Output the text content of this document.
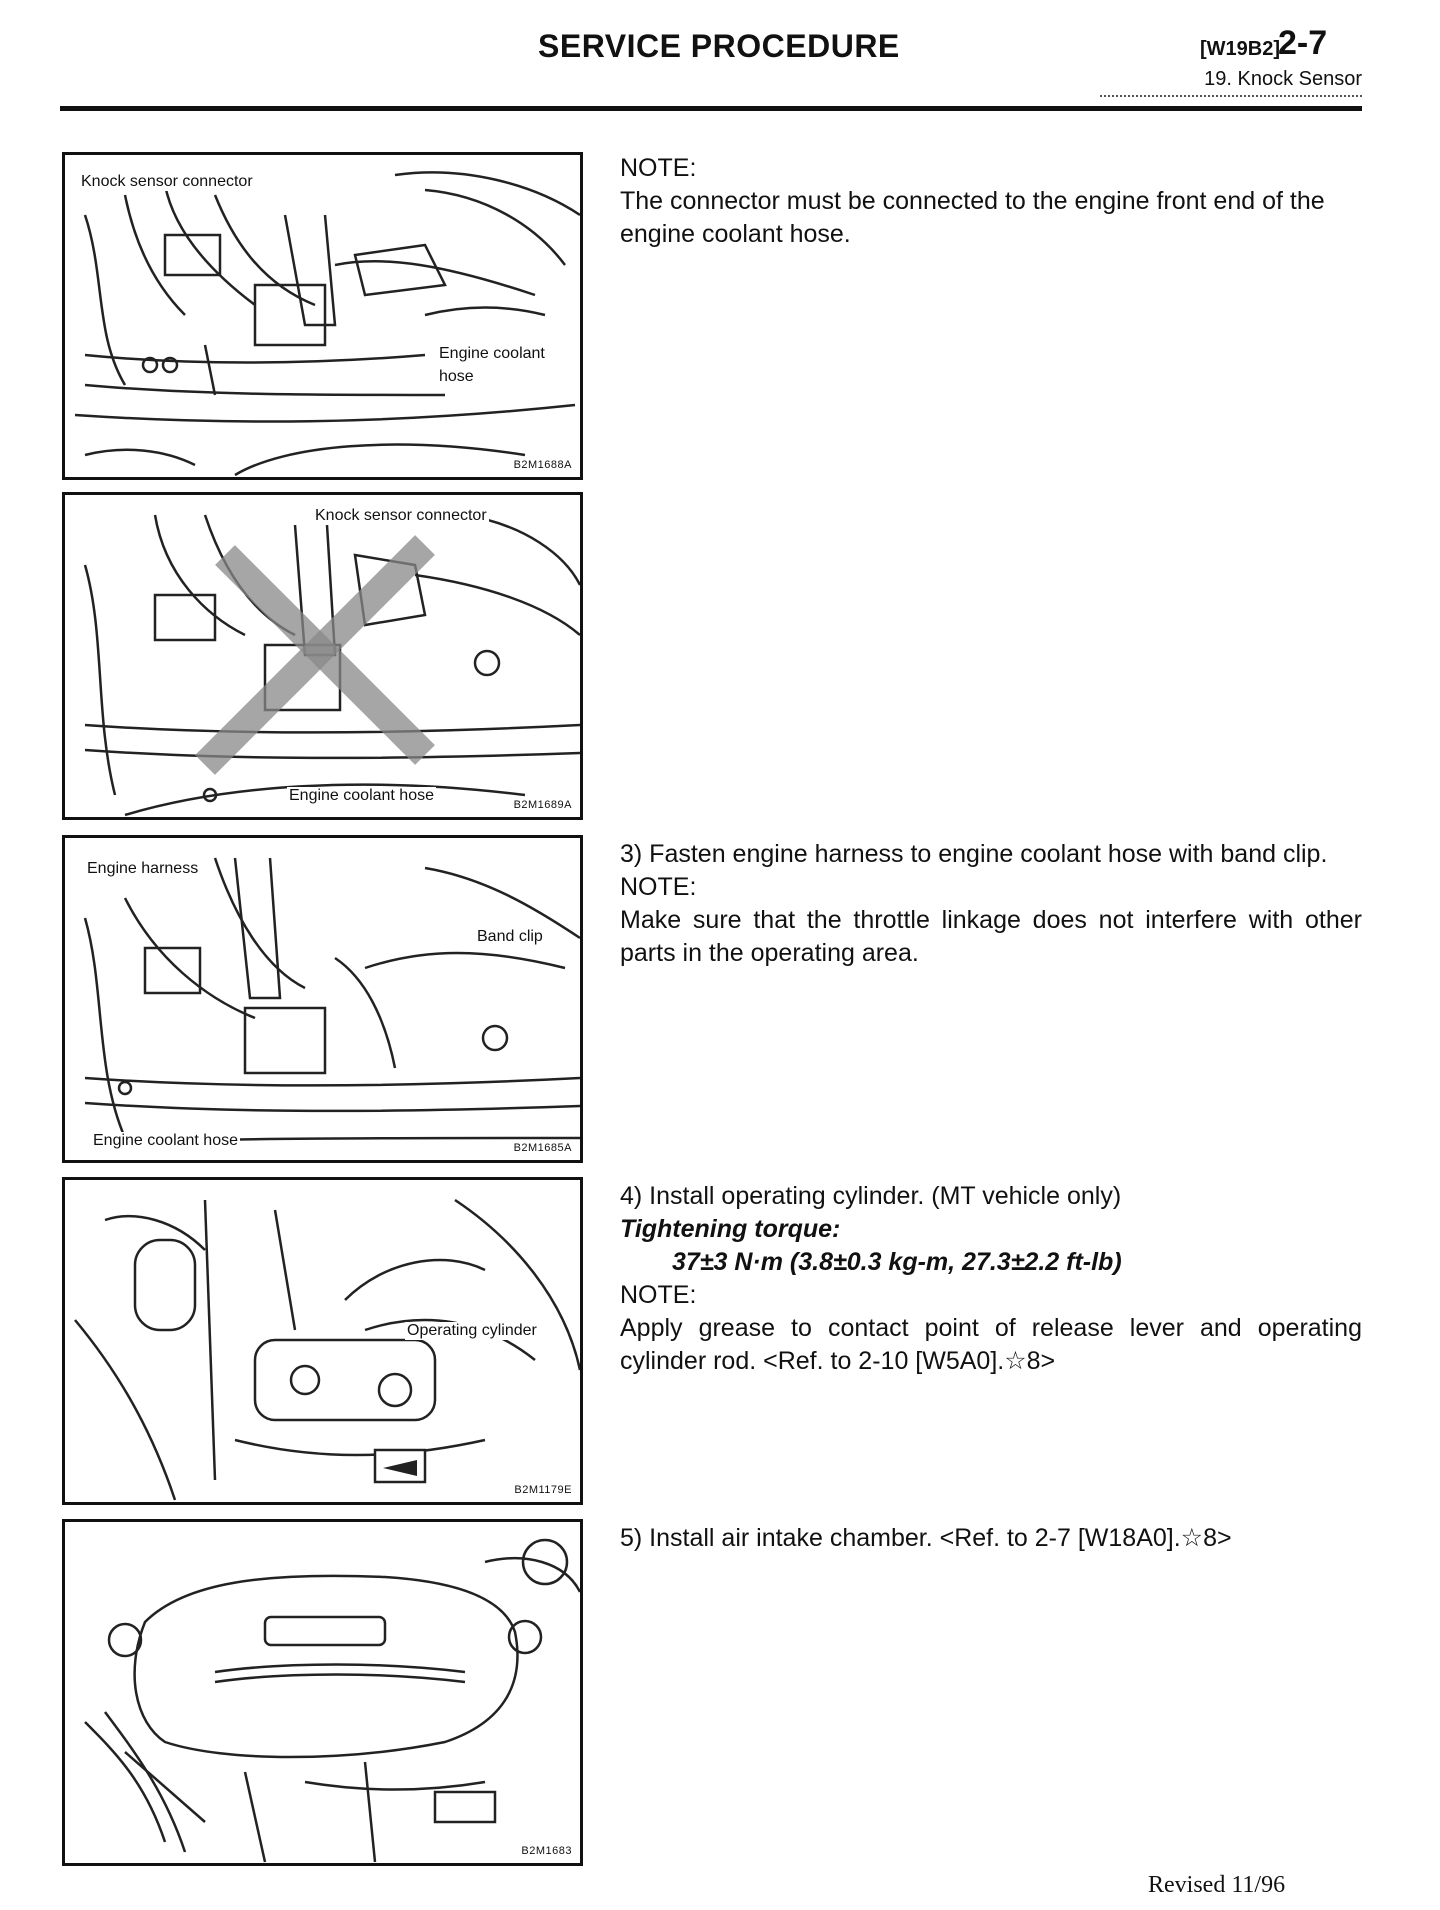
SERVICE PROCEDURE	[W19B2]
2-7
19. Knock Sensor
Knock sensor connector
Engine coolant
hose
B2M1688A
Knock sensor connector
Engine coolant hose
B2M1689A
Engine harness
Band clip
Engine coolant hose	B2M1685A
Operating cylinder
B2M1179E
B2M1683

NOTE:

The connector must be connected to the engine front end of the engine coolant hose.

3) Fasten engine harness to engine coolant hose with band clip.

NOTE:

Make sure that the throttle linkage does not interfere with other parts in the operating area.

4) Install operating cylinder. (MT vehicle only)

Tightening torque:

37±3 N·m (3.8±0.3 kg-m, 27.3±2.2 ft-lb)

NOTE:

Apply grease to contact point of release lever and operating cylinder rod. <Ref. to 2-10 [W5A0].☆8>

5) Install air intake chamber. <Ref. to 2-7 [W18A0].☆8>

Revised 11/96
